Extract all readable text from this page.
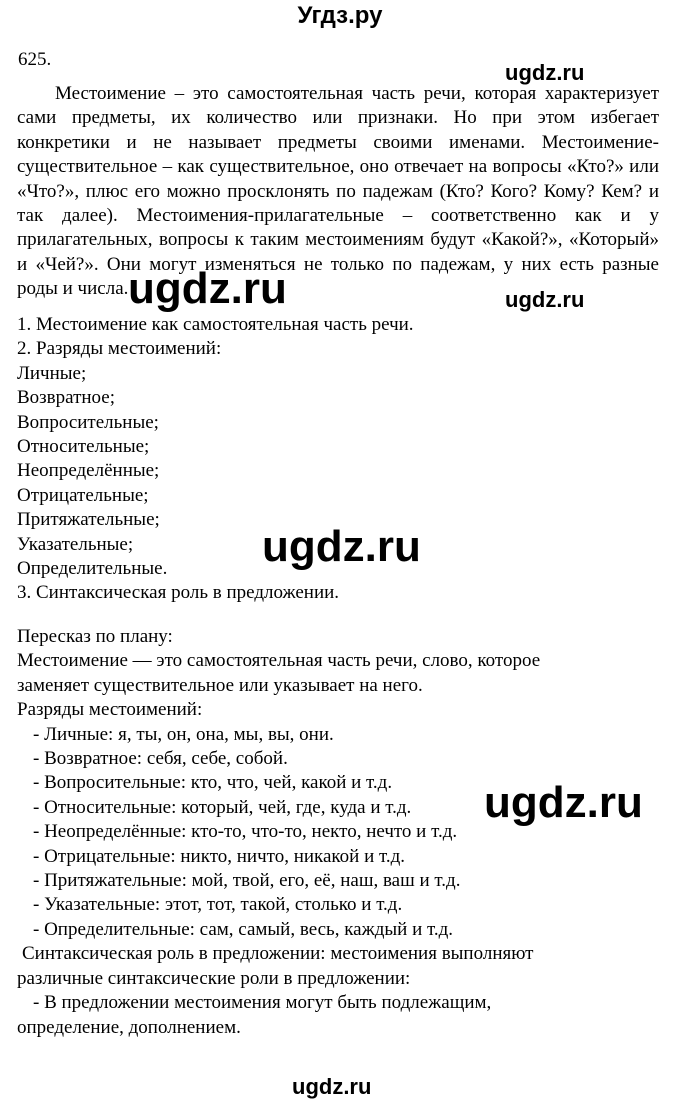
Угдз.ру
625.

Местоимение – это самостоятельная часть речи, которая характеризует сами предметы, их количество или признаки. Но при этом избегает конкретики и не называет предметы своими именами. Местоимение-существительное – как существительное, оно отвечает на вопросы «Кто?» или «Что?», плюс его можно просклонять по падежам (Кто? Кого? Кому? Кем? и так далее). Местоимения-прилагательные – соответственно как и у прилагательных, вопросы к таким местоимениям будут «Какой?», «Который» и «Чей?». Они могут изменяться не только по падежам, у них есть разные роды и числа.

1. Местоимение как самостоятельная часть речи.
2. Разряды местоимений:
Личные;
Возвратное;
Вопросительные;
Относительные;
Неопределённые;
Отрицательные;
Притяжательные;
Указательные;
Определительные.
3. Синтаксическая роль в предложении.
Пересказ по плану:
Местоимение — это самостоятельная часть речи, слово, которое
заменяет существительное или указывает на него.
Разряды местоимений:
- Личные: я, ты, он, она, мы, вы, они.
- Возвратное: себя, себе, собой.
- Вопросительные: кто, что, чей, какой и т.д.
- Относительные: который, чей, где, куда и т.д.
- Неопределённые: кто-то, что-то, некто, нечто и т.д.
- Отрицательные: никто, ничто, никакой и т.д.
- Притяжательные: мой, твой, его, её, наш, ваш и т.д.
- Указательные: этот, тот, такой, столько и т.д.
- Определительные: сам, самый, весь, каждый и т.д.
Синтаксическая роль в предложении: местоимения выполняют
различные синтаксические роли в предложении:
- В предложении местоимения могут быть подлежащим,
определение, дополнением.
ugdz.ru
ugdz.ru	ugdz.ru
ugdz.ru
ugdz.ru
ugdz.ru
